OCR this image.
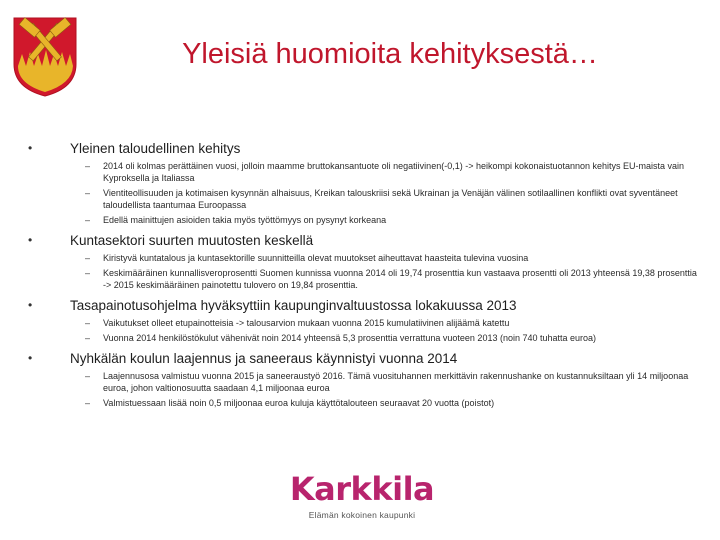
Yleisiä huomioita kehityksestä…
•	Yleinen taloudellinen kehitys
– 2014 oli kolmas perättäinen vuosi, jolloin maamme bruttokansantuote oli negatiivinen(-0,1) -> heikompi kokonaistuotannon kehitys EU-maista vain Kyproksella ja Italiassa
– Vientiteollisuuden ja kotimaisen kysynnän alhaisuus, Kreikan talouskriisi sekä Ukrainan ja Venäjän välinen sotilaallinen konflikti ovat syventäneet taloudellista taantumaa Euroopassa
– Edellä mainittujen asioiden takia myös työttömyys on pysynyt korkeana
•	Kuntasektori suurten muutosten keskellä
– Kiristyvä kuntatalous ja kuntasektorille suunnitteilla olevat muutokset aiheuttavat haasteita tulevina vuosina
– Keskimääräinen kunnallisveroprosentti Suomen kunnissa vuonna 2014 oli 19,74 prosenttia kun vastaava prosentti oli 2013 yhteensä 19,38 prosenttia -> 2015 keskimääräinen painotettu tulovero on 19,84 prosenttia.
•	Tasapainotusohjelma hyväksyttiin kaupunginvaltuustossa lokakuussa 2013
– Vaikutukset olleet etupainotteisia -> talousarvion mukaan vuonna 2015 kumulatiivinen alijäämä katettu
– Vuonna 2014 henkilöstökulut vähenivät noin 2014 yhteensä 5,3 prosenttia verrattuna vuoteen 2013 (noin 740 tuhatta euroa)
•	Nyhkälän koulun laajennus ja saneeraus käynnistyi vuonna 2014
– Laajennusosa valmistuu vuonna 2015 ja saneeraustyö 2016. Tämä vuosituhannen merkittävin rakennushanke on kustannuksiltaan yli 14 miljoonaa euroa, johon valtionosuutta saadaan 4,1 miljoonaa euroa
– Valmistuessaan lisää noin 0,5 miljoonaa euroa kuluja käyttötalouteen seuraavat 20 vuotta (poistot)
Karkkila
Elämän kokoinen kaupunki
